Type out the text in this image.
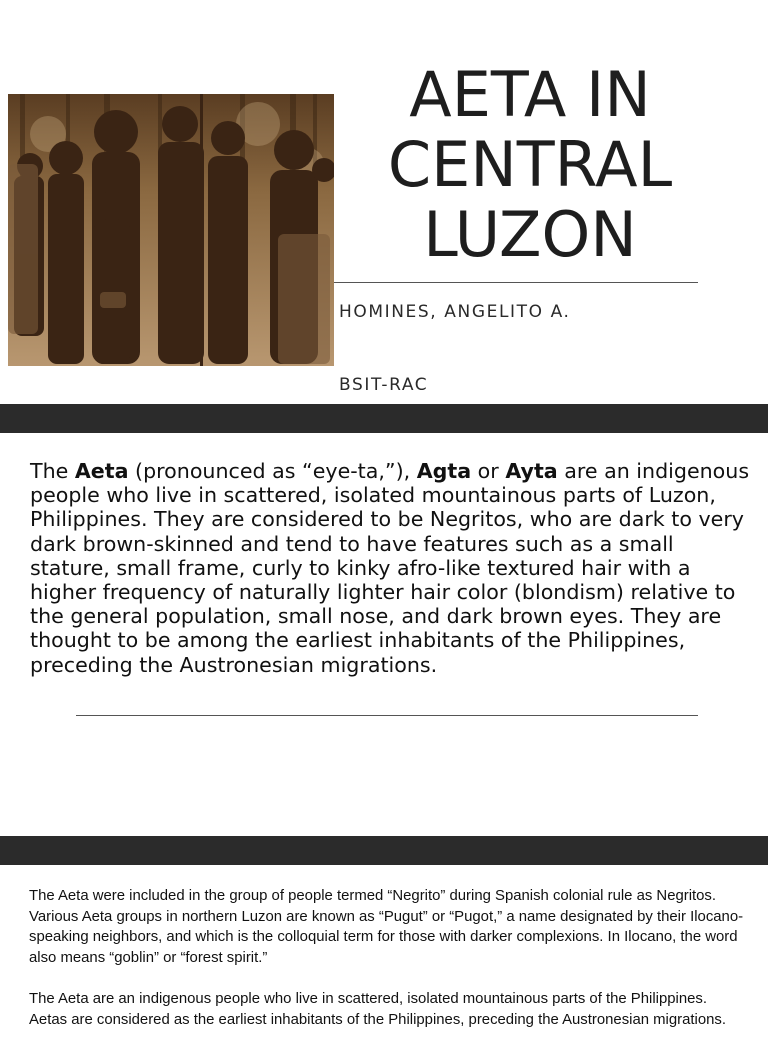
AETA IN
CENTRAL
LUZON
HOMINES, ANGELITO A.
BSIT-RAC
The Aeta (pronounced as “eye-ta,”), Agta or Ayta are an indigenous people who live in scattered, isolated mountainous parts of Luzon, Philippines. They are considered to be Negritos, who are dark to very dark brown-skinned and tend to have features such as a small stature, small frame, curly to kinky afro-like textured hair with a higher frequency of naturally lighter hair color (blondism) relative to the general population, small nose, and dark brown eyes. They are thought to be among the earliest inhabitants of the Philippines, preceding the Austronesian migrations.

The Aeta were included in the group of people termed “Negrito” during Spanish colonial rule as Negritos. Various Aeta groups in northern Luzon are known as “Pugut” or “Pugot,” a name designated by their Ilocano-speaking neighbors, and which is the colloquial term for those with darker complexions. In Ilocano, the word also means “goblin” or “forest spirit.”

The Aeta are an indigenous people who live in scattered, isolated mountainous parts of the Philippines. Aetas are considered as the earliest inhabitants of the Philippines, preceding the Austronesian migrations.
